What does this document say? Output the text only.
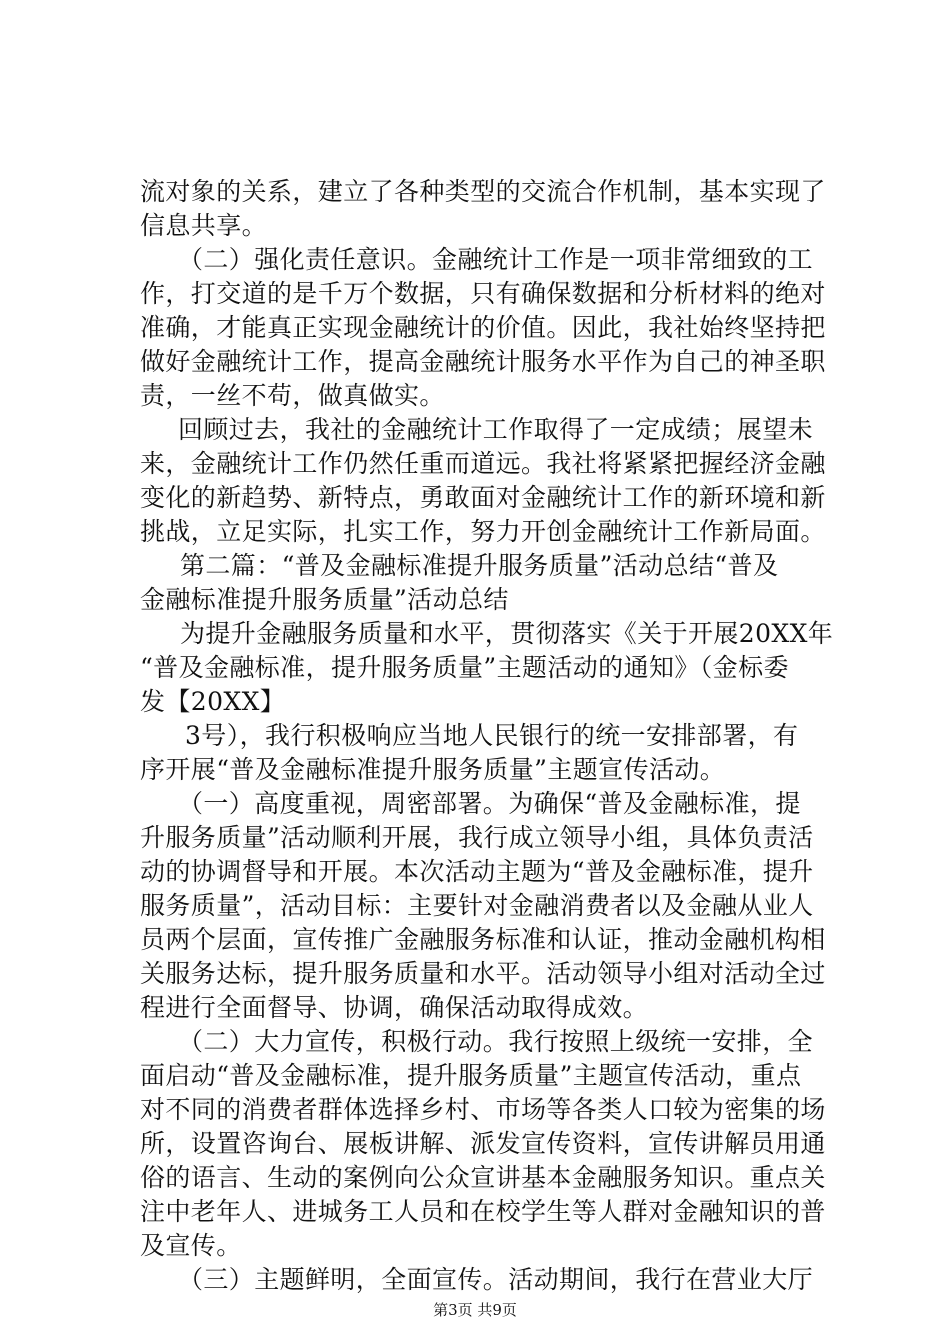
流对象的关系，建立了各种类型的交流合作机制，基本实现了
信息共享。
（二）强化责任意识。金融统计工作是一项非常细致的工
作，打交道的是千万个数据，只有确保数据和分析材料的绝对
准确，才能真正实现金融统计的价值。因此，我社始终坚持把
做好金融统计工作，提高金融统计服务水平作为自己的神圣职
责，一丝不苟，做真做实。
回顾过去，我社的金融统计工作取得了一定成绩；展望未
来，金融统计工作仍然任重而道远。我社将紧紧把握经济金融
变化的新趋势、新特点，勇敢面对金融统计工作的新环境和新
挑战，立足实际，扎实工作，努力开创金融统计工作新局面。
第二篇：“普及金融标准提升服务质量”活动总结“普及
金融标准提升服务质量”活动总结
为提升金融服务质量和水平，贯彻落实《关于开展20XX年
“普及金融标准，提升服务质量”主题活动的通知》（金标委
发【20XX】
3号），我行积极响应当地人民银行的统一安排部署，有
序开展“普及金融标准提升服务质量”主题宣传活动。
（一）高度重视，周密部署。为确保“普及金融标准，提
升服务质量”活动顺利开展，我行成立领导小组，具体负责活
动的协调督导和开展。本次活动主题为“普及金融标准，提升
服务质量”，活动目标：主要针对金融消费者以及金融从业人
员两个层面，宣传推广金融服务标准和认证，推动金融机构相
关服务达标，提升服务质量和水平。活动领导小组对活动全过
程进行全面督导、协调，确保活动取得成效。
（二）大力宣传，积极行动。我行按照上级统一安排，全
面启动“普及金融标准，提升服务质量”主题宣传活动，重点
对不同的消费者群体选择乡村、市场等各类人口较为密集的场
所，设置咨询台、展板讲解、派发宣传资料，宣传讲解员用通
俗的语言、生动的案例向公众宣讲基本金融服务知识。重点关
注中老年人、进城务工人员和在校学生等人群对金融知识的普
及宣传。
（三）主题鲜明，全面宣传。活动期间，我行在营业大厅
第3页 共9页
